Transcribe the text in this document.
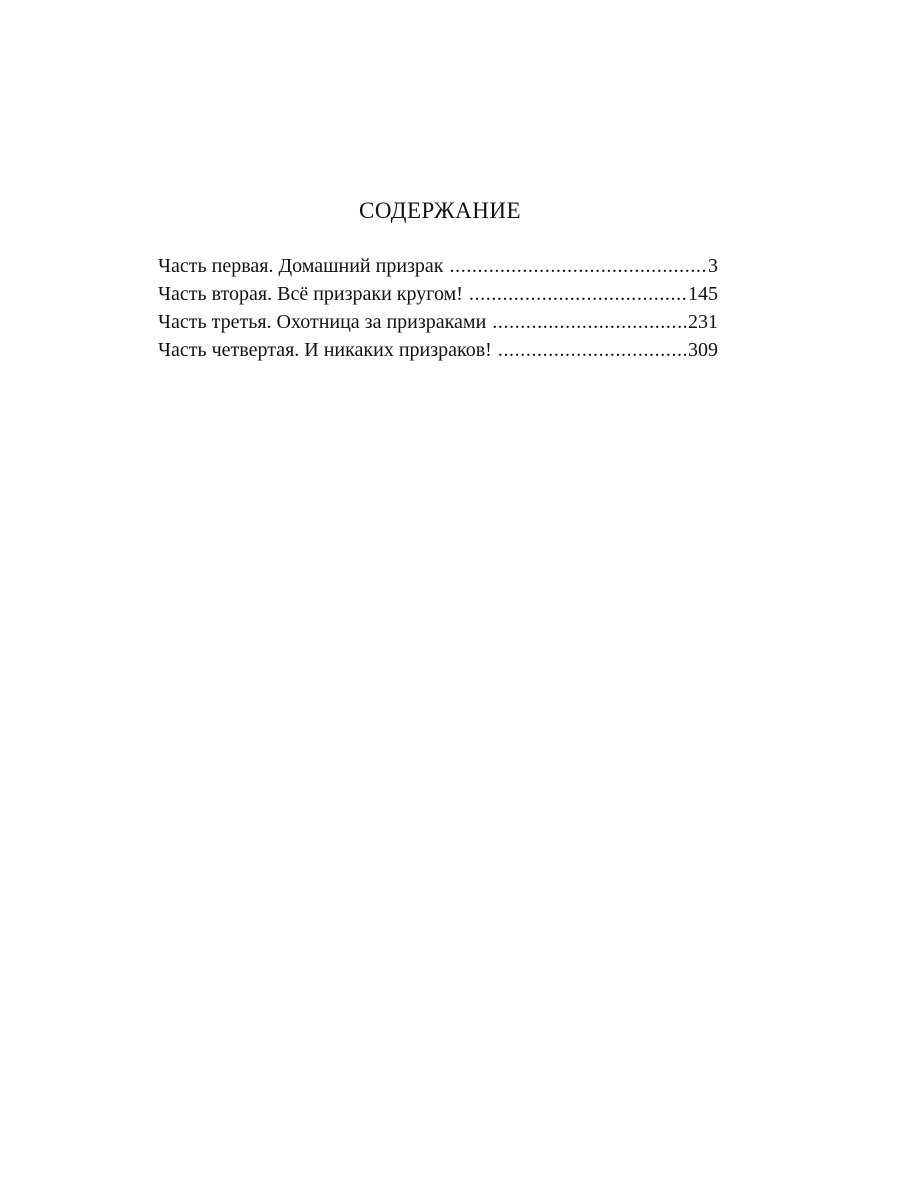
СОДЕРЖАНИЕ
Часть первая. Домашний призрак .....	3
Часть вторая. Всё призраки кругом! .....	145
Часть третья. Охотница за призраками .....	231
Часть четвертая. И никаких призраков! .....	309
